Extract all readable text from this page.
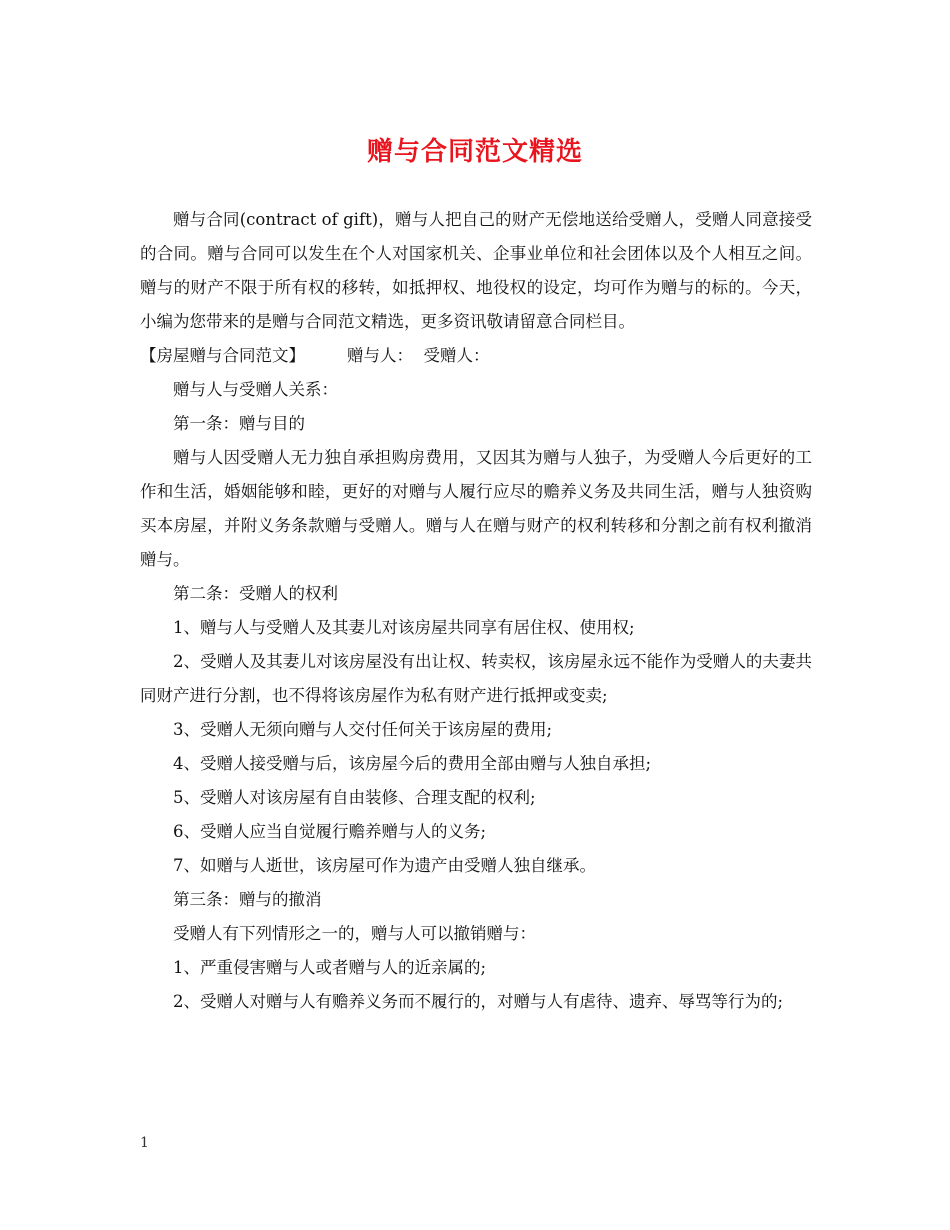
赠与合同范文精选

赠与合同(contract of gift)，赠与人把自己的财产无偿地送给受赠人，受赠人同意接受的合同。赠与合同可以发生在个人对国家机关、企事业单位和社会团体以及个人相互之间。赠与的财产不限于所有权的移转，如抵押权、地役权的设定，均可作为赠与的标的。今天，小编为您带来的是赠与合同范文精选，更多资讯敬请留意合同栏目。

【房屋赠与合同范文】	赠与人： 受赠人：

赠与人与受赠人关系：

第一条：赠与目的

赠与人因受赠人无力独自承担购房费用，又因其为赠与人独子，为受赠人今后更好的工作和生活，婚姻能够和睦，更好的对赠与人履行应尽的赡养义务及共同生活，赠与人独资购买本房屋，并附义务条款赠与受赠人。赠与人在赠与财产的权利转移和分割之前有权利撤消赠与。

第二条：受赠人的权利

1、赠与人与受赠人及其妻儿对该房屋共同享有居住权、使用权;

2、受赠人及其妻儿对该房屋没有出让权、转卖权，该房屋永远不能作为受赠人的夫妻共同财产进行分割，也不得将该房屋作为私有财产进行抵押或变卖;

3、受赠人无须向赠与人交付任何关于该房屋的费用;

4、受赠人接受赠与后，该房屋今后的费用全部由赠与人独自承担;

5、受赠人对该房屋有自由装修、合理支配的权利;

6、受赠人应当自觉履行赡养赠与人的义务;

7、如赠与人逝世，该房屋可作为遗产由受赠人独自继承。

第三条：赠与的撤消

受赠人有下列情形之一的，赠与人可以撤销赠与：

1、严重侵害赠与人或者赠与人的近亲属的;

2、受赠人对赠与人有赡养义务而不履行的，对赠与人有虐待、遗弃、辱骂等行为的;

1
